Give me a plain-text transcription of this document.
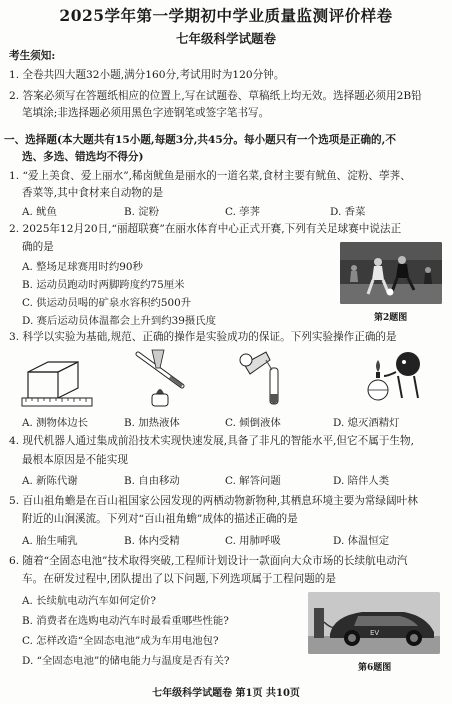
2025学年第一学期初中学业质量监测评价样卷
七年级科学试题卷
考生须知:
1. 全卷共四大题32小题,满分160分,考试用时为120分钟。
2. 答案必须写在答题纸相应的位置上,写在试题卷、草稿纸上均无效。选择题必须用2B铅
笔填涂;非选择题必须用黑色字迹钢笔或签字笔书写。
一、选择题(本大题共有15小题,每题3分,共45分。每小题只有一个选项是正确的,不
选、多选、错选均不得分)
1. “爱上美食、爱上丽水”,稀卤鱿鱼是丽水的一道名菜,食材主要有鱿鱼、淀粉、荸荠、
香菜等,其中食材来自动物的是
A. 鱿鱼	B. 淀粉	C. 荸荠	D. 香菜
2. 2025年12月20日,“丽超联赛”在丽水体育中心正式开赛,下列有关足球赛中说法正
确的是
A. 整场足球赛用时约90秒
B. 运动员跑动时两脚跨度约75厘米
C. 供运动员喝的矿泉水容积约500升
D. 赛后运动员体温都会上升到约39摄氏度	第2题图
3. 科学以实验为基础,规范、正确的操作是实验成功的保证。下列实验操作正确的是
A. 测物体边长	B. 加热液体	C. 倾倒液体	D. 熄灭酒精灯
4. 现代机器人通过集成前沿技术实现快速发展,具备了非凡的智能水平,但它不属于生物,
最根本原因是不能实现
A. 新陈代谢	B. 自由移动	C. 解答问题	D. 陪伴人类
5. 百山祖角蟾是在百山祖国家公园发现的两栖动物新物种,其栖息环境主要为常绿阔叶林
附近的山涧溪流。下列对“百山祖角蟾”成体的描述正确的是
A. 胎生哺乳	B. 体内受精	C. 用肺呼吸	D. 体温恒定
6. 随着“全固态电池”技术取得突破,工程师计划设计一款面向大众市场的长续航电动汽
车。在研发过程中,团队提出了以下问题,下列选项属于工程问题的是
A. 长续航电动汽车如何定价?
B. 消费者在选购电动汽车时最看重哪些性能?
C. 怎样改造“全固态电池”成为车用电池包?
D. “全固态电池”的储电能力与温度是否有关?
EV
第6题图
七年级科学试题卷 第1页 共10页
